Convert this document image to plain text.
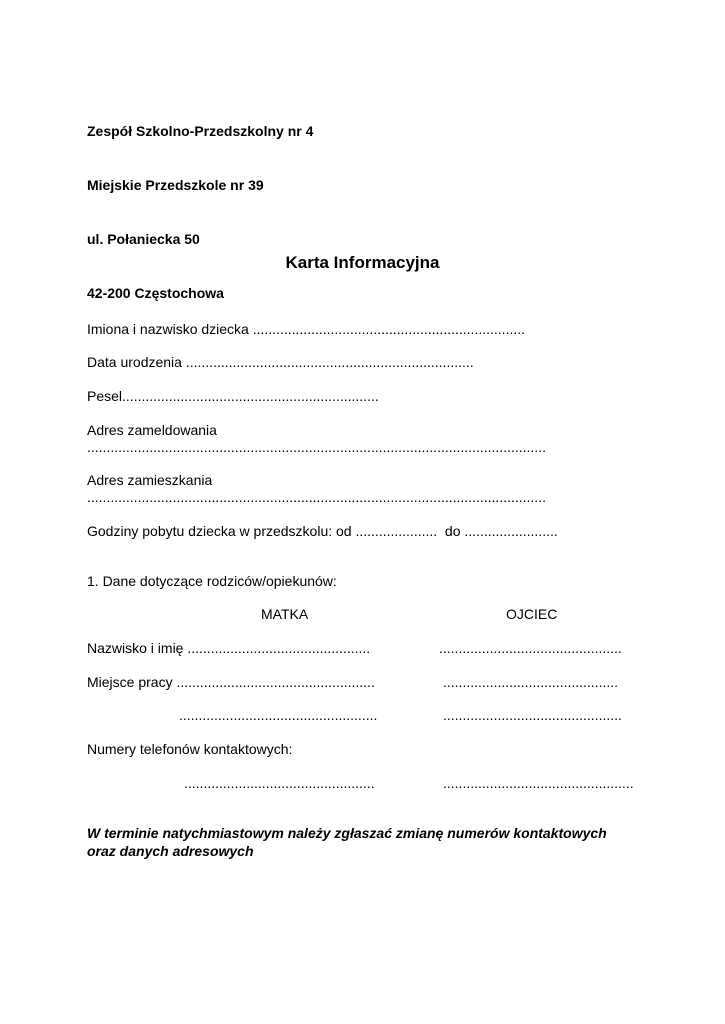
Zespół Szkolno-Przedszkolny nr 4

Miejskie Przedszkole nr 39

ul. Połaniecka 50

42-200 Częstochowa

Karta Informacyjna
Imiona i nazwisko dziecka ......................................................................
Data urodzenia ..........................................................................
Pesel..................................................................
Adres zameldowania
......................................................................................................................
Adres zamieszkania
......................................................................................................................
Godziny pobytu dziecka w przedszkolu: od .....................  do ........................
1. Dane dotyczące rodziców/opiekunów:
MATKA	OJCIEC
Nazwisko i imię ...............................................	...............................................
Miejsce pracy ...................................................	.............................................
...................................................	..............................................
Numery telefonów kontaktowych:
.................................................	.................................................
W terminie natychmiastowym należy zgłaszać zmianę numerów kontaktowych
oraz danych adresowych
